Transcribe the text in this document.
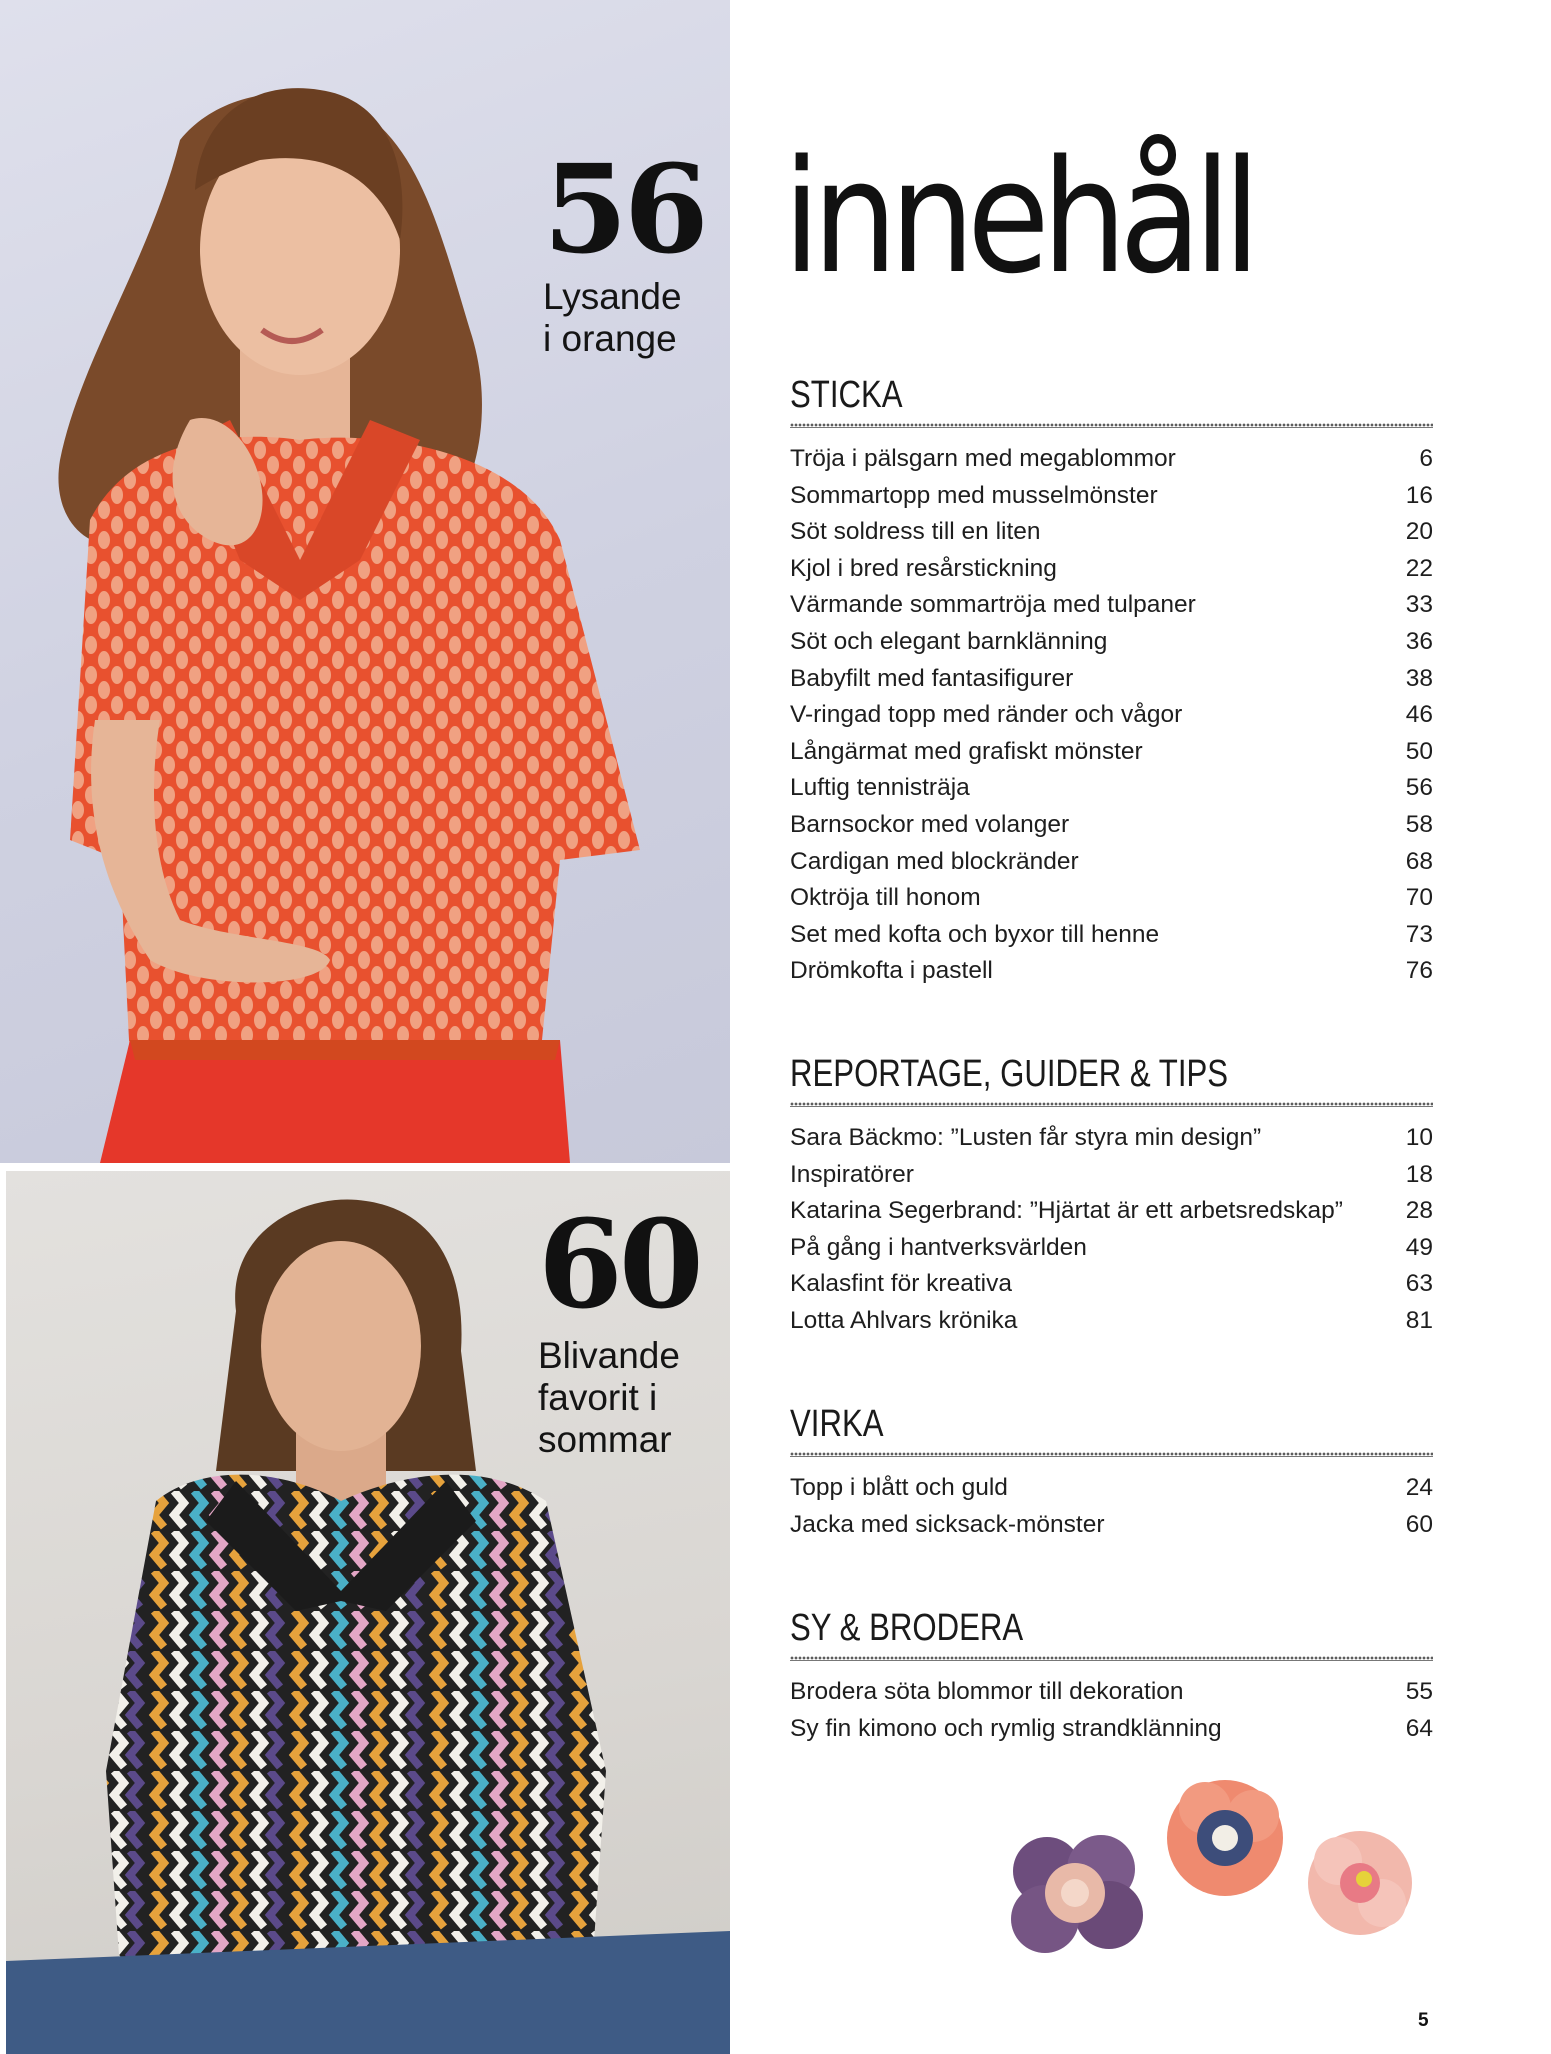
56
Lysande
i orange
60
Blivande
favorit i
sommar
innehåll
STICKA
Tröja i pälsgarn med megablommor	6
Sommartopp med musselmönster	16
Söt soldress till en liten	20
Kjol i bred resårstickning	22
Värmande sommartröja med tulpaner	33
Söt och elegant barnklänning	36
Babyfilt med fantasifigurer	38
V-ringad topp med ränder och vågor	46
Långärmat med grafiskt mönster	50
Luftig tennisträja	56
Barnsockor med volanger	58
Cardigan med blockränder	68
Oktröja till honom	70
Set med kofta och byxor till henne	73
Drömkofta i pastell	76
REPORTAGE, GUIDER & TIPS
Sara Bäckmo: ”Lusten får styra min design”	10
Inspiratörer	18
Katarina Segerbrand: ”Hjärtat är ett arbetsredskap”	28
På gång i hantverksvärlden	49
Kalasfint för kreativa	63
Lotta Ahlvars krönika	81
VIRKA
Topp i blått och guld	24
Jacka med sicksack-mönster	60
SY & BRODERA
Brodera söta blommor till dekoration	55
Sy fin kimono och rymlig strandklänning	64
5
